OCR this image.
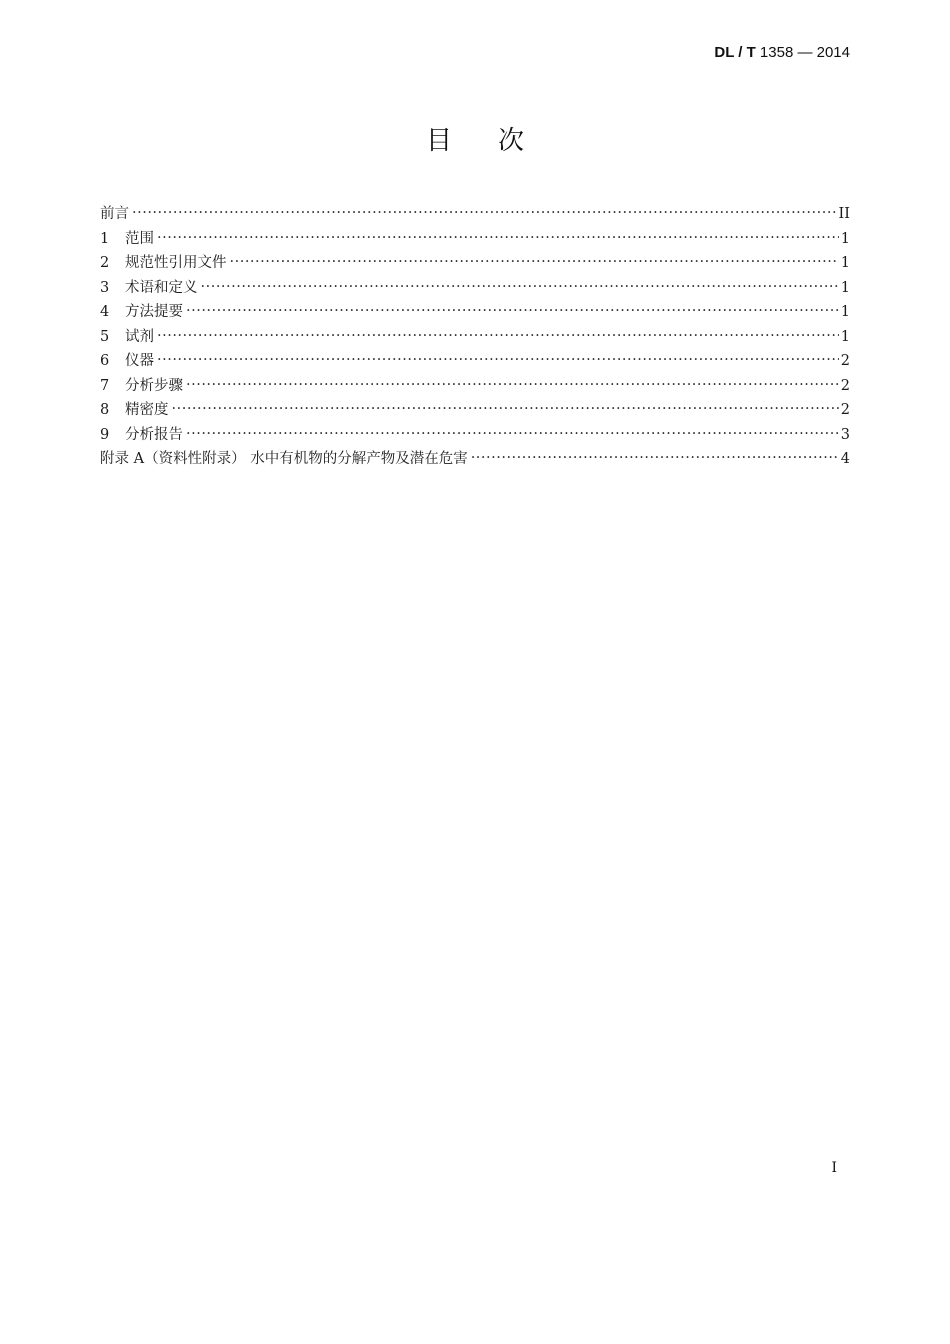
DL / T 1358 — 2014
目次
前言 ·····	II
1	范围 ·····	1
2	规范性引用文件 ·····	1
3	术语和定义 ·····	1
4	方法提要 ·····	1
5	试剂 ·····	1
6	仪器 ·····	2
7	分析步骤 ·····	2
8	精密度 ·····	2
9	分析报告 ·····	3
附录 A（资料性附录） 水中有机物的分解产物及潜在危害 ·····	4
I
